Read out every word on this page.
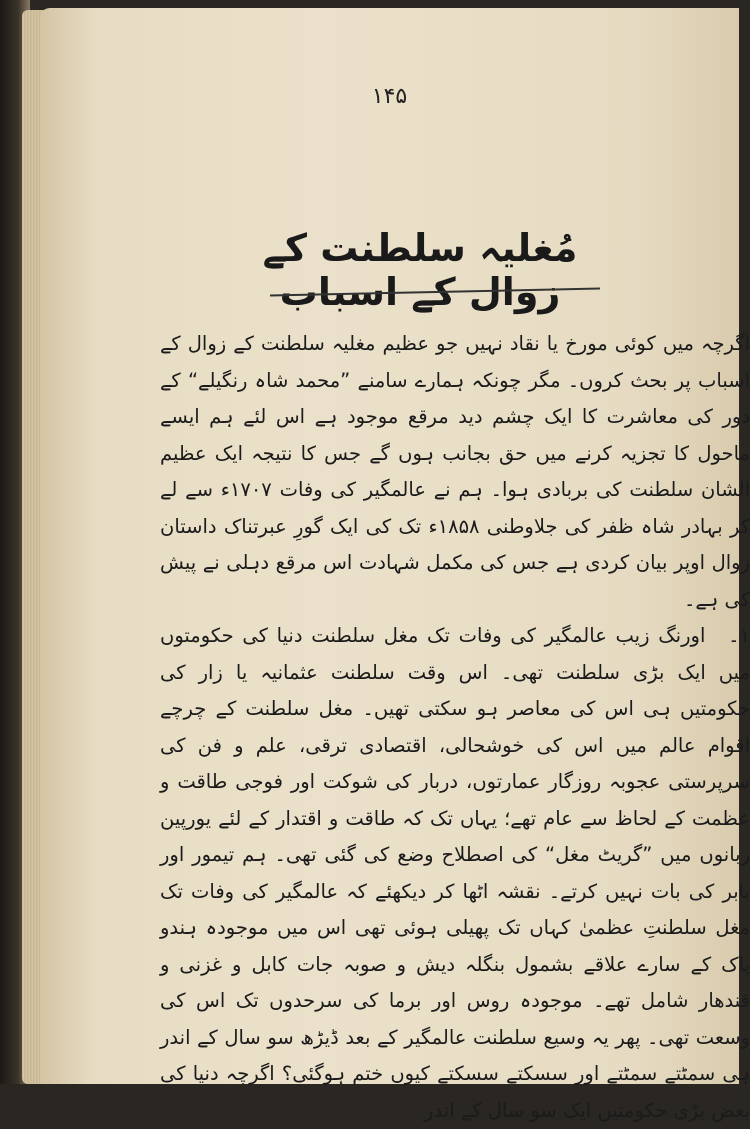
۱۴۵
مُغلیہ سلطنت کے زوال کے اسباب

اگرچہ میں کوئی مورخ یا نقاد نہیں جو عظیم مغلیہ سلطنت کے زوال کے اسباب پر بحث کروں۔ مگر چونکہ ہمارے سامنے ”محمد شاہ رنگیلے“ کے دور کی معاشرت کا ایک چشم دید مرقع موجود ہے اس لئے ہم ایسے ماحول کا تجزیہ کرنے میں حق بجانب ہوں گے جس کا نتیجہ ایک عظیم الشان سلطنت کی بربادی ہوا۔ ہم نے عالمگیر کی وفات ۱۷۰۷ء سے لے کر بہادر شاہ ظفر کی جلاوطنی ۱۸۵۸ء تک کی ایک گورِ عبرتناک داستان زوال اوپر بیان کردی ہے جس کی مکمل شہادت اس مرقع دہلی نے پیش کی ہے۔

۱۔ اورنگ زیب عالمگیر کی وفات تک مغل سلطنت دنیا کی حکومتوں میں ایک بڑی سلطنت تھی۔ اس وقت سلطنت عثمانیہ یا زار کی حکومتیں ہی اس کی معاصر ہو سکتی تھیں۔ مغل سلطنت کے چرچے اقوام عالم میں اس کی خوشحالی، اقتصادی ترقی، علم و فن کی سرپرستی عجوبہ روزگار عمارتوں، دربار کی شوکت اور فوجی طاقت و عظمت کے لحاظ سے عام تھے؛ یہاں تک کہ طاقت و اقتدار کے لئے یورپین زبانوں میں ”گریٹ مغل“ کی اصطلاح وضع کی گئی تھی۔ ہم تیمور اور بابر کی بات نہیں کرتے۔ نقشہ اٹھا کر دیکھئے کہ عالمگیر کی وفات تک مغل سلطنتِ عظمیٰ کہاں تک پھیلی ہوئی تھی اس میں موجودہ ہندو پاک کے سارے علاقے بشمول بنگلہ دیش و صوبہ جات کابل و غزنی و قندھار شامل تھے۔ موجودہ روس اور برما کی سرحدوں تک اس کی وسعت تھی۔ پھر یہ وسیع سلطنت عالمگیر کے بعد ڈیڑھ سو سال کے اندر ہی سمٹتے سمٹتے اور سسکتے سسکتے کیوں ختم ہوگئی؟ اگرچہ دنیا کی بعض بڑی حکومتیں ایک سو سال کے اندر
